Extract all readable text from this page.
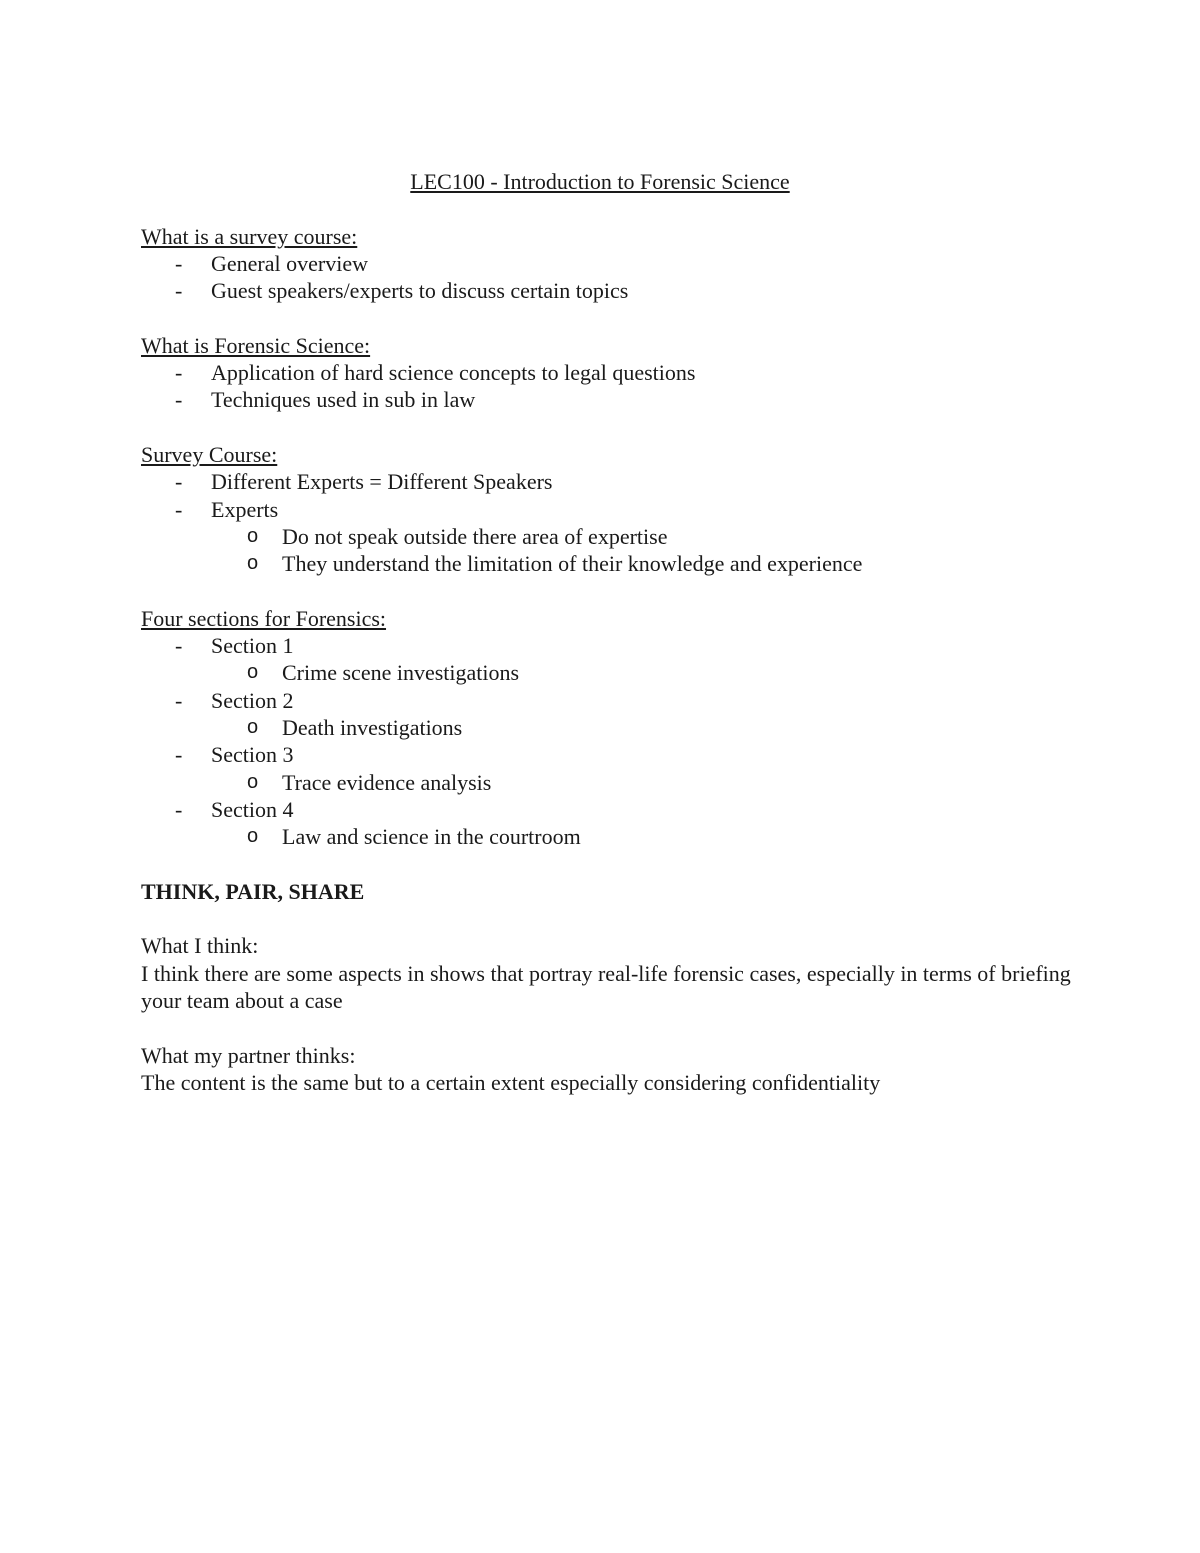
LEC100 - Introduction to Forensic Science

What is a survey course:

- General overview
- Guest speakers/experts to discuss certain topics

What is Forensic Science:

- Application of hard science concepts to legal questions
- Techniques used in sub in law

Survey Course:

- Different Experts = Different Speakers
- Experts
o Do not speak outside there area of expertise
o They understand the limitation of their knowledge and experience

Four sections for Forensics:

- Section 1
o Crime scene investigations
- Section 2
o Death investigations
- Section 3
o Trace evidence analysis
- Section 4
o Law and science in the courtroom

THINK, PAIR, SHARE

What I think:

I think there are some aspects in shows that portray real-life forensic cases, especially in terms of briefing your team about a case

What my partner thinks:

The content is the same but to a certain extent especially considering confidentiality
